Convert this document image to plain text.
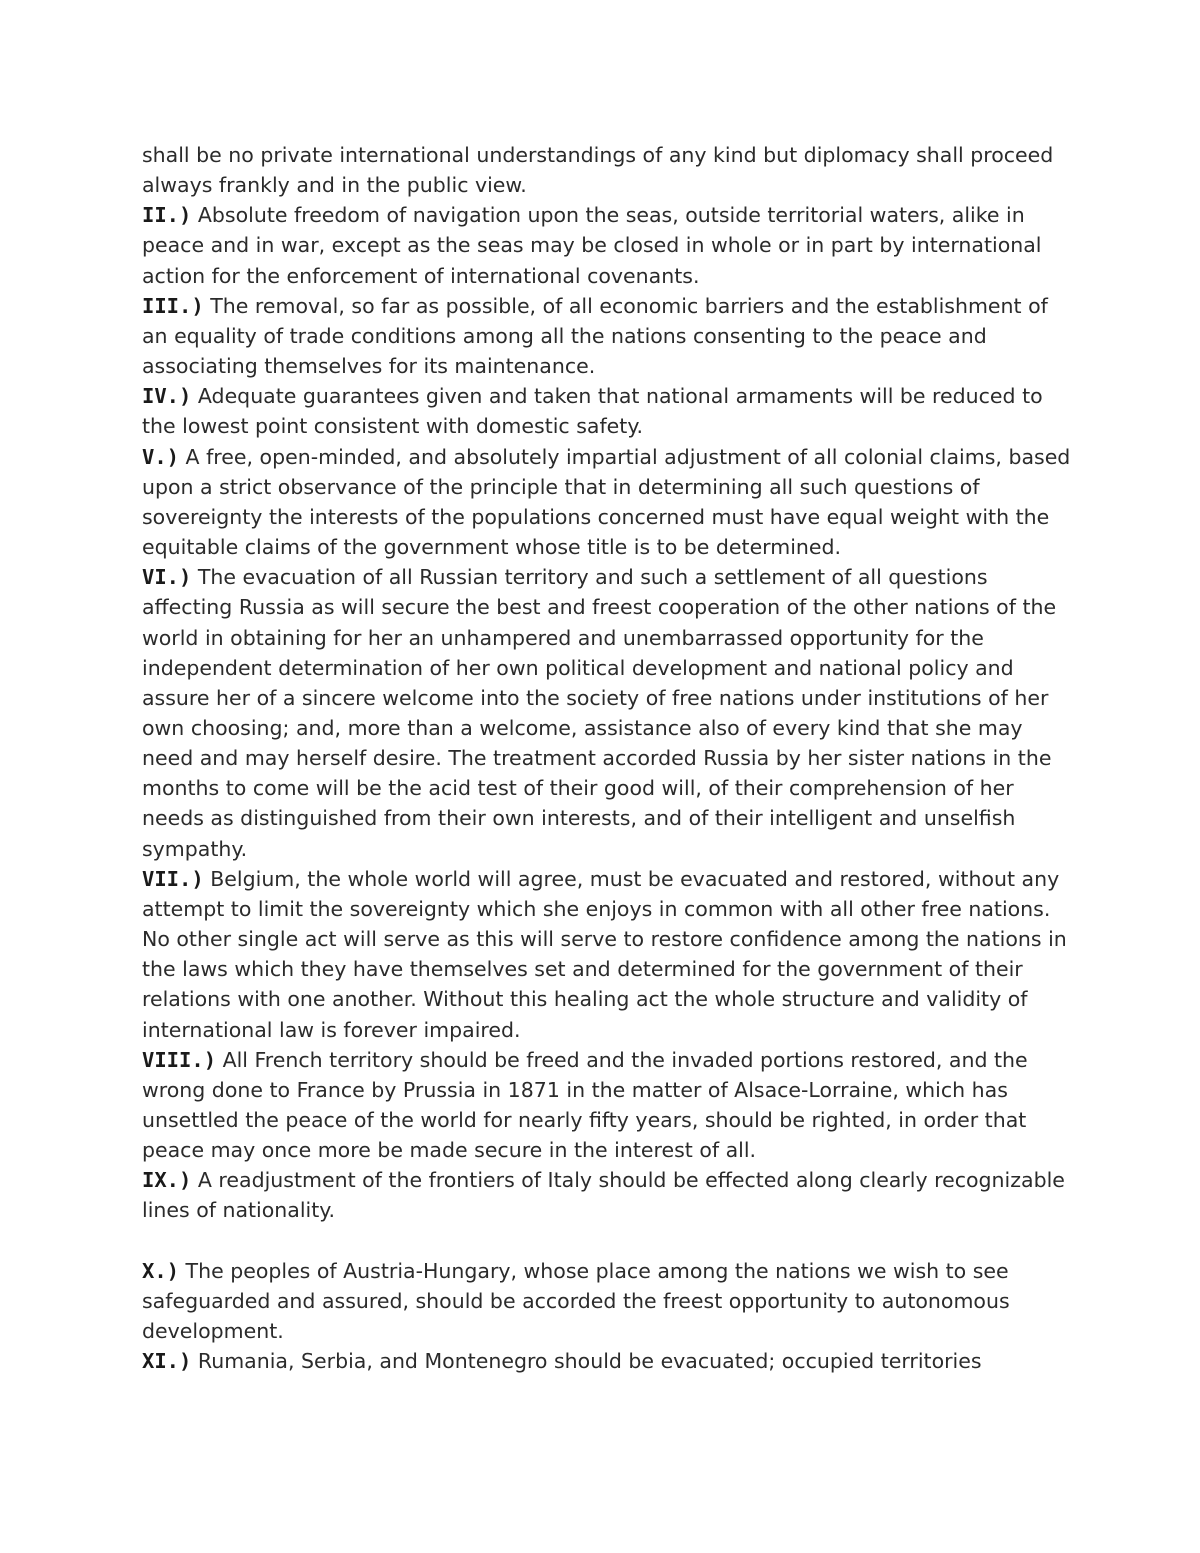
shall be no private international understandings of any kind but diplomacy shall proceed always frankly and in the public view.

II.) Absolute freedom of navigation upon the seas, outside territorial waters, alike in peace and in war, except as the seas may be closed in whole or in part by international action for the enforcement of international covenants.

III.) The removal, so far as possible, of all economic barriers and the establishment of an equality of trade conditions among all the nations consenting to the peace and associating themselves for its maintenance.

IV.) Adequate guarantees given and taken that national armaments will be reduced to the lowest point consistent with domestic safety.

V.) A free, open-minded, and absolutely impartial adjustment of all colonial claims, based upon a strict observance of the principle that in determining all such questions of sovereignty the interests of the populations concerned must have equal weight with the equitable claims of the government whose title is to be determined.

VI.) The evacuation of all Russian territory and such a settlement of all questions affecting Russia as will secure the best and freest cooperation of the other nations of the world in obtaining for her an unhampered and unembarrassed opportunity for the independent determination of her own political development and national policy and assure her of a sincere welcome into the society of free nations under institutions of her own choosing; and, more than a welcome, assistance also of every kind that she may need and may herself desire. The treatment accorded Russia by her sister nations in the months to come will be the acid test of their good will, of their comprehension of her needs as distinguished from their own interests, and of their intelligent and unselfish sympathy.

VII.) Belgium, the whole world will agree, must be evacuated and restored, without any attempt to limit the sovereignty which she enjoys in common with all other free nations. No other single act will serve as this will serve to restore confidence among the nations in the laws which they have themselves set and determined for the government of their relations with one another. Without this healing act the whole structure and validity of international law is forever impaired.

VIII.) All French territory should be freed and the invaded portions restored, and the wrong done to France by Prussia in 1871 in the matter of Alsace-Lorraine, which has unsettled the peace of the world for nearly fifty years, should be righted, in order that peace may once more be made secure in the interest of all.

IX.) A readjustment of the frontiers of Italy should be effected along clearly recognizable lines of nationality.

X.) The peoples of Austria-Hungary, whose place among the nations we wish to see safeguarded and assured, should be accorded the freest opportunity to autonomous development.

XI.) Rumania, Serbia, and Montenegro should be evacuated; occupied territories
